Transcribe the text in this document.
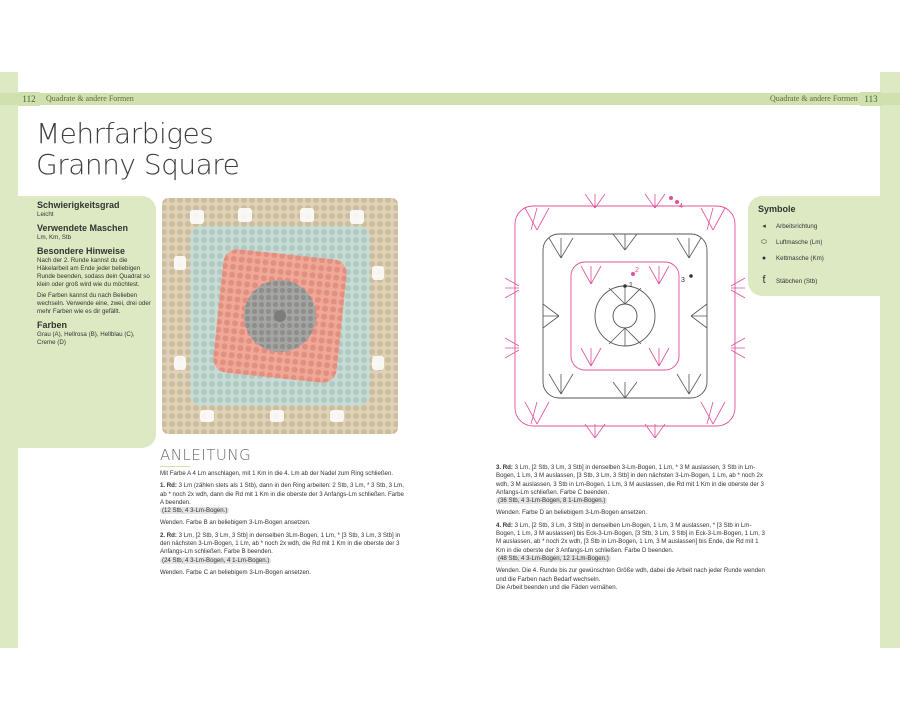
112	Quadrate & andere Formen	Quadrate & andere Formen 113
Mehrfarbiges
Granny Square
Schwierigkeitsgrad

Leicht

Verwendete Maschen

Lm, Km, Stb

Besondere Hinweise

Nach der 2. Runde kannst du die Häkelarbeit am Ende jeder beliebigen Runde beenden, sodass dein Quadrat so klein oder groß wird wie du möchtest.

Die Farben kannst du nach Belieben wechseln. Verwende eine, zwei, drei oder mehr Farben wie es dir gefällt.

Farben

Grau (A), Hellrosa (B), Hellblau (C), Creme (D)

1
2
3
4	Symbole
◂ Arbeitsrichtung
⬭ Luftmasche (Lm)
● Kettmasche (Km)
ƭ Stäbchen (Stb)
ANLEITUNG

Mit Farbe A 4 Lm anschlagen, mit 1 Km in die 4. Lm ab der Nadel zum Ring schließen.

1. Rd: 3 Lm (zählen stets als 1 Stb), dann in den Ring arbeiten: 2 Stb, 3 Lm, * 3 Stb, 3 Lm, ab * noch 2x wdh, dann die Rd mit 1 Km in die oberste der 3 Anfangs-Lm schließen. Farbe A beenden.
(12 Stb, 4 3-Lm-Bogen.)

Wenden. Farbe B an beliebigem 3-Lm-Bogen ansetzen.

2. Rd: 3 Lm, [2 Stb, 3 Lm, 3 Stb] in denselben 3Lm-Bogen, 1 Lm, * [3 Stb, 3 Lm, 3 Stb] in den nächsten 3-Lm-Bogen, 1 Lm, ab * noch 2x wdh, die Rd mit 1 Km in die oberste der 3 Anfangs-Lm schließen. Farbe B beenden.
(24 Stb, 4 3-Lm-Bogen, 4 1-Lm-Bogen.)

Wenden. Farbe C an beliebigem 3-Lm-Bogen ansetzen.

3. Rd: 3 Lm, [2 Stb, 3 Lm, 3 Stb] in denselben 3-Lm-Bogen, 1 Lm, * 3 M auslassen, 3 Stb in Lm-Bogen, 1 Lm, 3 M auslassen, [3 Stb, 3 Lm, 3 Stb] in den nächsten 3-Lm-Bogen, 1 Lm, ab * noch 2x wdh, 3 M auslassen, 3 Stb in Lm-Bogen, 1 Lm, 3 M auslassen, die Rd mit 1 Km in die oberste der 3 Anfangs-Lm schließen. Farbe C beenden.
(36 Stb, 4 3-Lm-Bogen, 8 1-Lm-Bogen.)

Wenden. Farbe D an beliebigem 3-Lm-Bogen ansetzen.

4. Rd: 3 Lm, [2 Stb, 3 Lm, 3 Stb] in denselben Lm-Bogen, 1 Lm, 3 M auslassen, * [3 Stb in Lm-Bogen, 1 Lm, 3 M auslassen] bis Eck-3-Lm-Bogen, [3 Stb, 3 Lm, 3 Stb] in Eck-3-Lm-Bogen, 1 Lm, 3 M auslassen, ab * noch 2x wdh, [3 Stb in Lm-Bogen, 1 Lm, 3 M auslassen] bis Ende, die Rd mit 1 Km in die oberste der 3 Anfangs-Lm schließen. Farbe D beenden.
(48 Stb, 4 3-Lm-Bogen, 12 1-Lm-Bogen.)

Wenden. Die 4. Runde bis zur gewünschten Größe wdh, dabei die Arbeit nach jeder Runde wenden und die Farben nach Bedarf wechseln.

Die Arbeit beenden und die Fäden vernähen.
